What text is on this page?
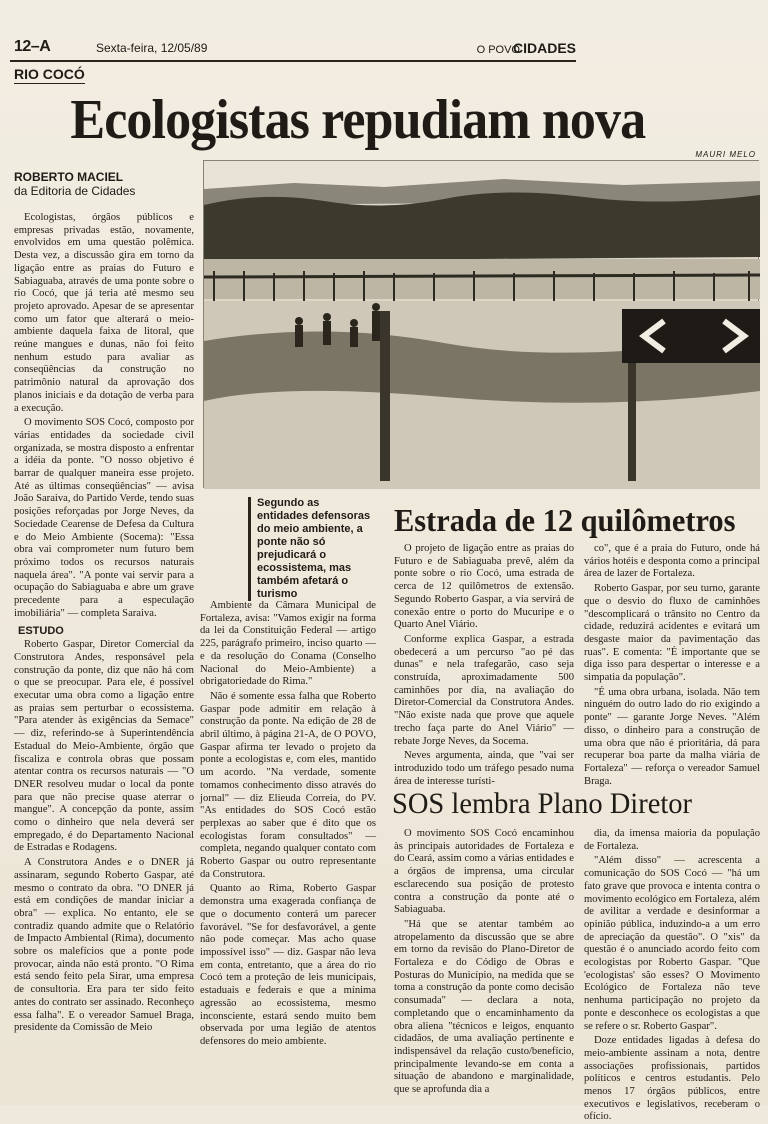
12–A	Sexta-feira, 12/05/89	O POVO
CIDADES
RIO COCÓ
Ecologistas repudiam nova
MAURI MELO
ROBERTO MACIEL
da Editoria de Cidades
Segundo as entidades defensoras do meio ambiente, a ponte não só prejudicará o ecossistema, mas também afetará o turismo

Ecologistas, órgãos públicos e empresas privadas estão, novamente, envolvidos em uma questão polêmica. Desta vez, a discussão gira em torno da ligação entre as praias do Futuro e Sabiaguaba, através de uma ponte sobre o rio Cocó, que já teria até mesmo seu projeto aprovado. Apesar de se apresentar como um fator que alterará o meio-ambiente daquela faixa de litoral, que reúne mangues e dunas, não foi feito nenhum estudo para avaliar as conseqüências da construção no patrimônio natural da aprovação dos planos iniciais e da dotação de verba para a execução.

O movimento SOS Cocó, composto por várias entidades da sociedade civil organizada, se mostra disposto a enfrentar a idéia da ponte. "O nosso objetivo é barrar de qualquer maneira esse projeto. Até as últimas conseqüências" — avisa João Saraiva, do Partido Verde, tendo suas posições reforçadas por Jorge Neves, da Sociedade Cearense de Defesa da Cultura e do Meio Ambiente (Socema): "Essa obra vai comprometer num futuro bem próximo todos os recursos naturais naquela área". "A ponte vai servir para a ocupação do Sabiaguaba e abre um grave precedente para a especulação imobiliária" — completa Saraiva.

ESTUDO

Roberto Gaspar, Diretor Comercial da Construtora Andes, responsável pela construção da ponte, diz que não há com o que se preocupar. Para ele, é possível executar uma obra como a ligação entre as praias sem perturbar o ecossistema. "Para atender às exigências da Semace" — diz, referindo-se à Superintendência Estadual do Meio-Ambiente, órgão que fiscaliza e controla obras que possam atentar contra os recursos naturais — "O DNER resolveu mudar o local da ponte para que não precise quase aterrar o mangue". A concepção da ponte, assim como o dinheiro que nela deverá ser empregado, é do Departamento Nacional de Estradas e Rodagens.

A Construtora Andes e o DNER já assinaram, segundo Roberto Gaspar, até mesmo o contrato da obra. "O DNER já está em condições de mandar iniciar a obra" — explica. No entanto, ele se contradiz quando admite que o Relatório de Impacto Ambiental (Rima), documento sobre os malefícios que a ponte pode provocar, ainda não está pronto. "O Rima está sendo feito pela Sirar, uma empresa de consultoria. Era para ter sido feito antes do contrato ser assinado. Reconheço essa falha". E o vereador Samuel Braga, presidente da Comissão de Meio

Ambiente da Câmara Municipal de Fortaleza, avisa: "Vamos exigir na forma da lei da Constituição Federal — artigo 225, parágrafo primeiro, inciso quarto — e da resolução do Conama (Conselho Nacional do Meio-Ambiente) a obrigatoriedade do Rima."

Não é somente essa falha que Roberto Gaspar pode admitir em relação à construção da ponte. Na edição de 28 de abril último, à página 21-A, de O POVO, Gaspar afirma ter levado o projeto da ponte a ecologistas e, com eles, mantido um acordo. "Na verdade, somente tomamos conhecimento disso através do jornal" — diz Elieuda Correia, do PV. "As entidades do SOS Cocó estão perplexas ao saber que é dito que os ecologistas foram consultados" — completa, negando qualquer contato com Roberto Gaspar ou outro representante da Construtora.

Quanto ao Rima, Roberto Gaspar demonstra uma exagerada confiança de que o documento conterá um parecer favorável. "Se for desfavorável, a gente não pode começar. Mas acho quase impossível isso" — diz. Gaspar não leva em conta, entretanto, que a área do rio Cocó tem a proteção de leis municipais, estaduais e federais e que a mínima agressão ao ecossistema, mesmo inconsciente, estará sendo muito bem observada por uma legião de atentos defensores do meio ambiente.

Estrada de 12 quilômetros

O projeto de ligação entre as praias do Futuro e de Sabiaguaba prevê, além da ponte sobre o rio Cocó, uma estrada de cerca de 12 quilômetros de extensão. Segundo Roberto Gaspar, a via servirá de conexão entre o porto do Mucuripe e o Quarto Anel Viário.

Conforme explica Gaspar, a estrada obedecerá a um percurso "ao pé das dunas" e nela trafegarão, caso seja construída, aproximadamente 500 caminhões por dia, na avaliação do Diretor-Comercial da Construtora Andes. "Não existe nada que prove que aquele trecho faça parte do Anel Viário" — rebate Jorge Neves, da Socema.

Neves argumenta, ainda, que "vai ser introduzido todo um tráfego pesado numa área de interesse turísti-

co", que é a praia do Futuro, onde há vários hotéis e desponta como a principal área de lazer de Fortaleza.

Roberto Gaspar, por seu turno, garante que o desvio do fluxo de caminhões "descomplicará o trânsito no Centro da cidade, reduzirá acidentes e evitará um desgaste maior da pavimentação das ruas". E comenta: "É importante que se diga isso para despertar o interesse e a simpatia da população".

"É uma obra urbana, isolada. Não tem ninguém do outro lado do rio exigindo a ponte" — garante Jorge Neves. "Além disso, o dinheiro para a construção de uma obra que não é prioritária, dá para recuperar boa parte da malha viária de Fortaleza" — reforça o vereador Samuel Braga.

SOS lembra Plano Diretor

O movimento SOS Cocó encaminhou às principais autoridades de Fortaleza e do Ceará, assim como a várias entidades e a órgãos de imprensa, uma circular esclarecendo sua posição de protesto contra a construção da ponte até o Sabiaguaba.

"Há que se atentar também ao atropelamento da discussão que se abre em torno da revisão do Plano-Diretor de Fortaleza e do Código de Obras e Posturas do Município, na medida que se toma a construção da ponte como decisão consumada" — declara a nota, completando que o encaminhamento da obra aliena "técnicos e leigos, enquanto cidadãos, de uma avaliação pertinente e indispensável da relação custo/benefício, principalmente levando-se em conta a situação de abandono e marginalidade, que se aprofunda dia a

dia, da imensa maioria da população de Fortaleza.

"Além disso" — acrescenta a comunicação do SOS Cocó — "há um fato grave que provoca e intenta contra o movimento ecológico em Fortaleza, além de avilitar a verdade e desinformar a opinião pública, induzindo-a a um erro de apreciação da questão". O "xis" da questão é o anunciado acordo feito com ecologistas por Roberto Gaspar. "Que 'ecologistas' são esses? O Movimento Ecológico de Fortaleza não teve nenhuma participação no projeto da ponte e desconhece os ecologistas a que se refere o sr. Roberto Gaspar".

Doze entidades ligadas à defesa do meio-ambiente assinam a nota, dentre associações profissionais, partidos políticos e centros estudantis. Pelo menos 17 órgãos públicos, entre executivos e legislativos, receberam o ofício.
